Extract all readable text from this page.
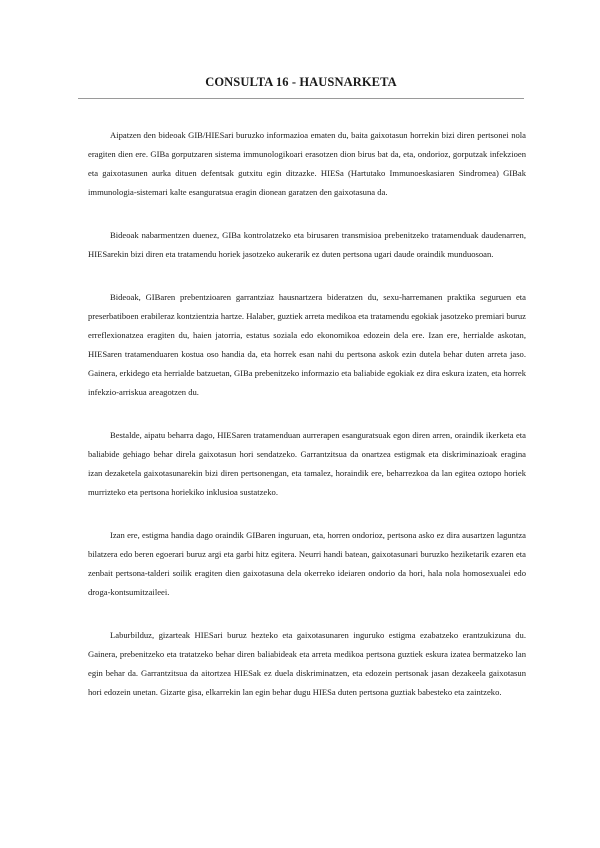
CONSULTA 16 - HAUSNARKETA

Aipatzen den bideoak GIB/HIESari buruzko informazioa ematen du, baita gaixotasun horrekin bizi diren pertsonei nola eragiten dien ere. GIBa gorputzaren sistema immunologikoari erasotzen dion birus bat da, eta, ondorioz, gorputzak infekzioen eta gaixotasunen aurka dituen defentsak gutxitu egin ditzazke. HIESa (Hartutako Immunoeskasiaren Sindromea) GIBak immunologia-sistemari kalte esanguratsua eragin dionean garatzen den gaixotasuna da.

Bideoak nabarmentzen duenez, GIBa kontrolatzeko eta birusaren transmisioa prebenitzeko tratamenduak daudenarren, HIESarekin bizi diren eta tratamendu horiek jasotzeko aukerarik ez duten pertsona ugari daude oraindik munduosoan.

Bideoak, GIBaren prebentzioaren garrantziaz hausnartzera bideratzen du, sexu-harremanen praktika seguruen eta preserbatiboen erabileraz kontzientzia hartze. Halaber, guztiek arreta medikoa eta tratamendu egokiak jasotzeko premiari buruz erreflexionatzea eragiten du, haien jatorria, estatus soziala edo ekonomikoa edozein dela ere. Izan ere, herrialde askotan, HIESaren tratamenduaren kostua oso handia da, eta horrek esan nahi du pertsona askok ezin dutela behar duten arreta jaso. Gainera, erkidego eta herrialde batzuetan, GIBa prebenitzeko informazio eta baliabide egokiak ez dira eskura izaten, eta horrek infekzio-arriskua areagotzen du.

Bestalde, aipatu beharra dago, HIESaren tratamenduan aurrerapen esanguratsuak egon diren arren, oraindik ikerketa eta baliabide gehiago behar direla gaixotasun hori sendatzeko. Garrantzitsua da onartzea estigmak eta diskriminazioak eragina izan dezaketela gaixotasunarekin bizi diren pertsonengan, eta tamalez, horaindik ere, beharrezkoa da lan egitea oztopo horiek murrizteko eta pertsona horiekiko inklusioa sustatzeko.

Izan ere, estigma handia dago oraindik GIBaren inguruan, eta, horren ondorioz, pertsona asko ez dira ausartzen laguntza bilatzera edo beren egoerari buruz argi eta garbi hitz egitera. Neurri handi batean, gaixotasunari buruzko heziketarik ezaren eta zenbait pertsona-talderi soilik eragiten dien gaixotasuna dela okerreko ideiaren ondorio da hori, hala nola homosexualei edo droga-kontsumitzaileei.

Laburbilduz, gizarteak HIESari buruz hezteko eta gaixotasunaren inguruko estigma ezabatzeko erantzukizuna du. Gainera, prebenitzeko eta tratatzeko behar diren baliabideak eta arreta medikoa pertsona guztiek eskura izatea bermatzeko lan egin behar da. Garrantzitsua da aitortzea HIESak ez duela diskriminatzen, eta edozein pertsonak jasan dezakeela gaixotasun hori edozein unetan. Gizarte gisa, elkarrekin lan egin behar dugu HIESa duten pertsona guztiak babesteko eta zaintzeko.
